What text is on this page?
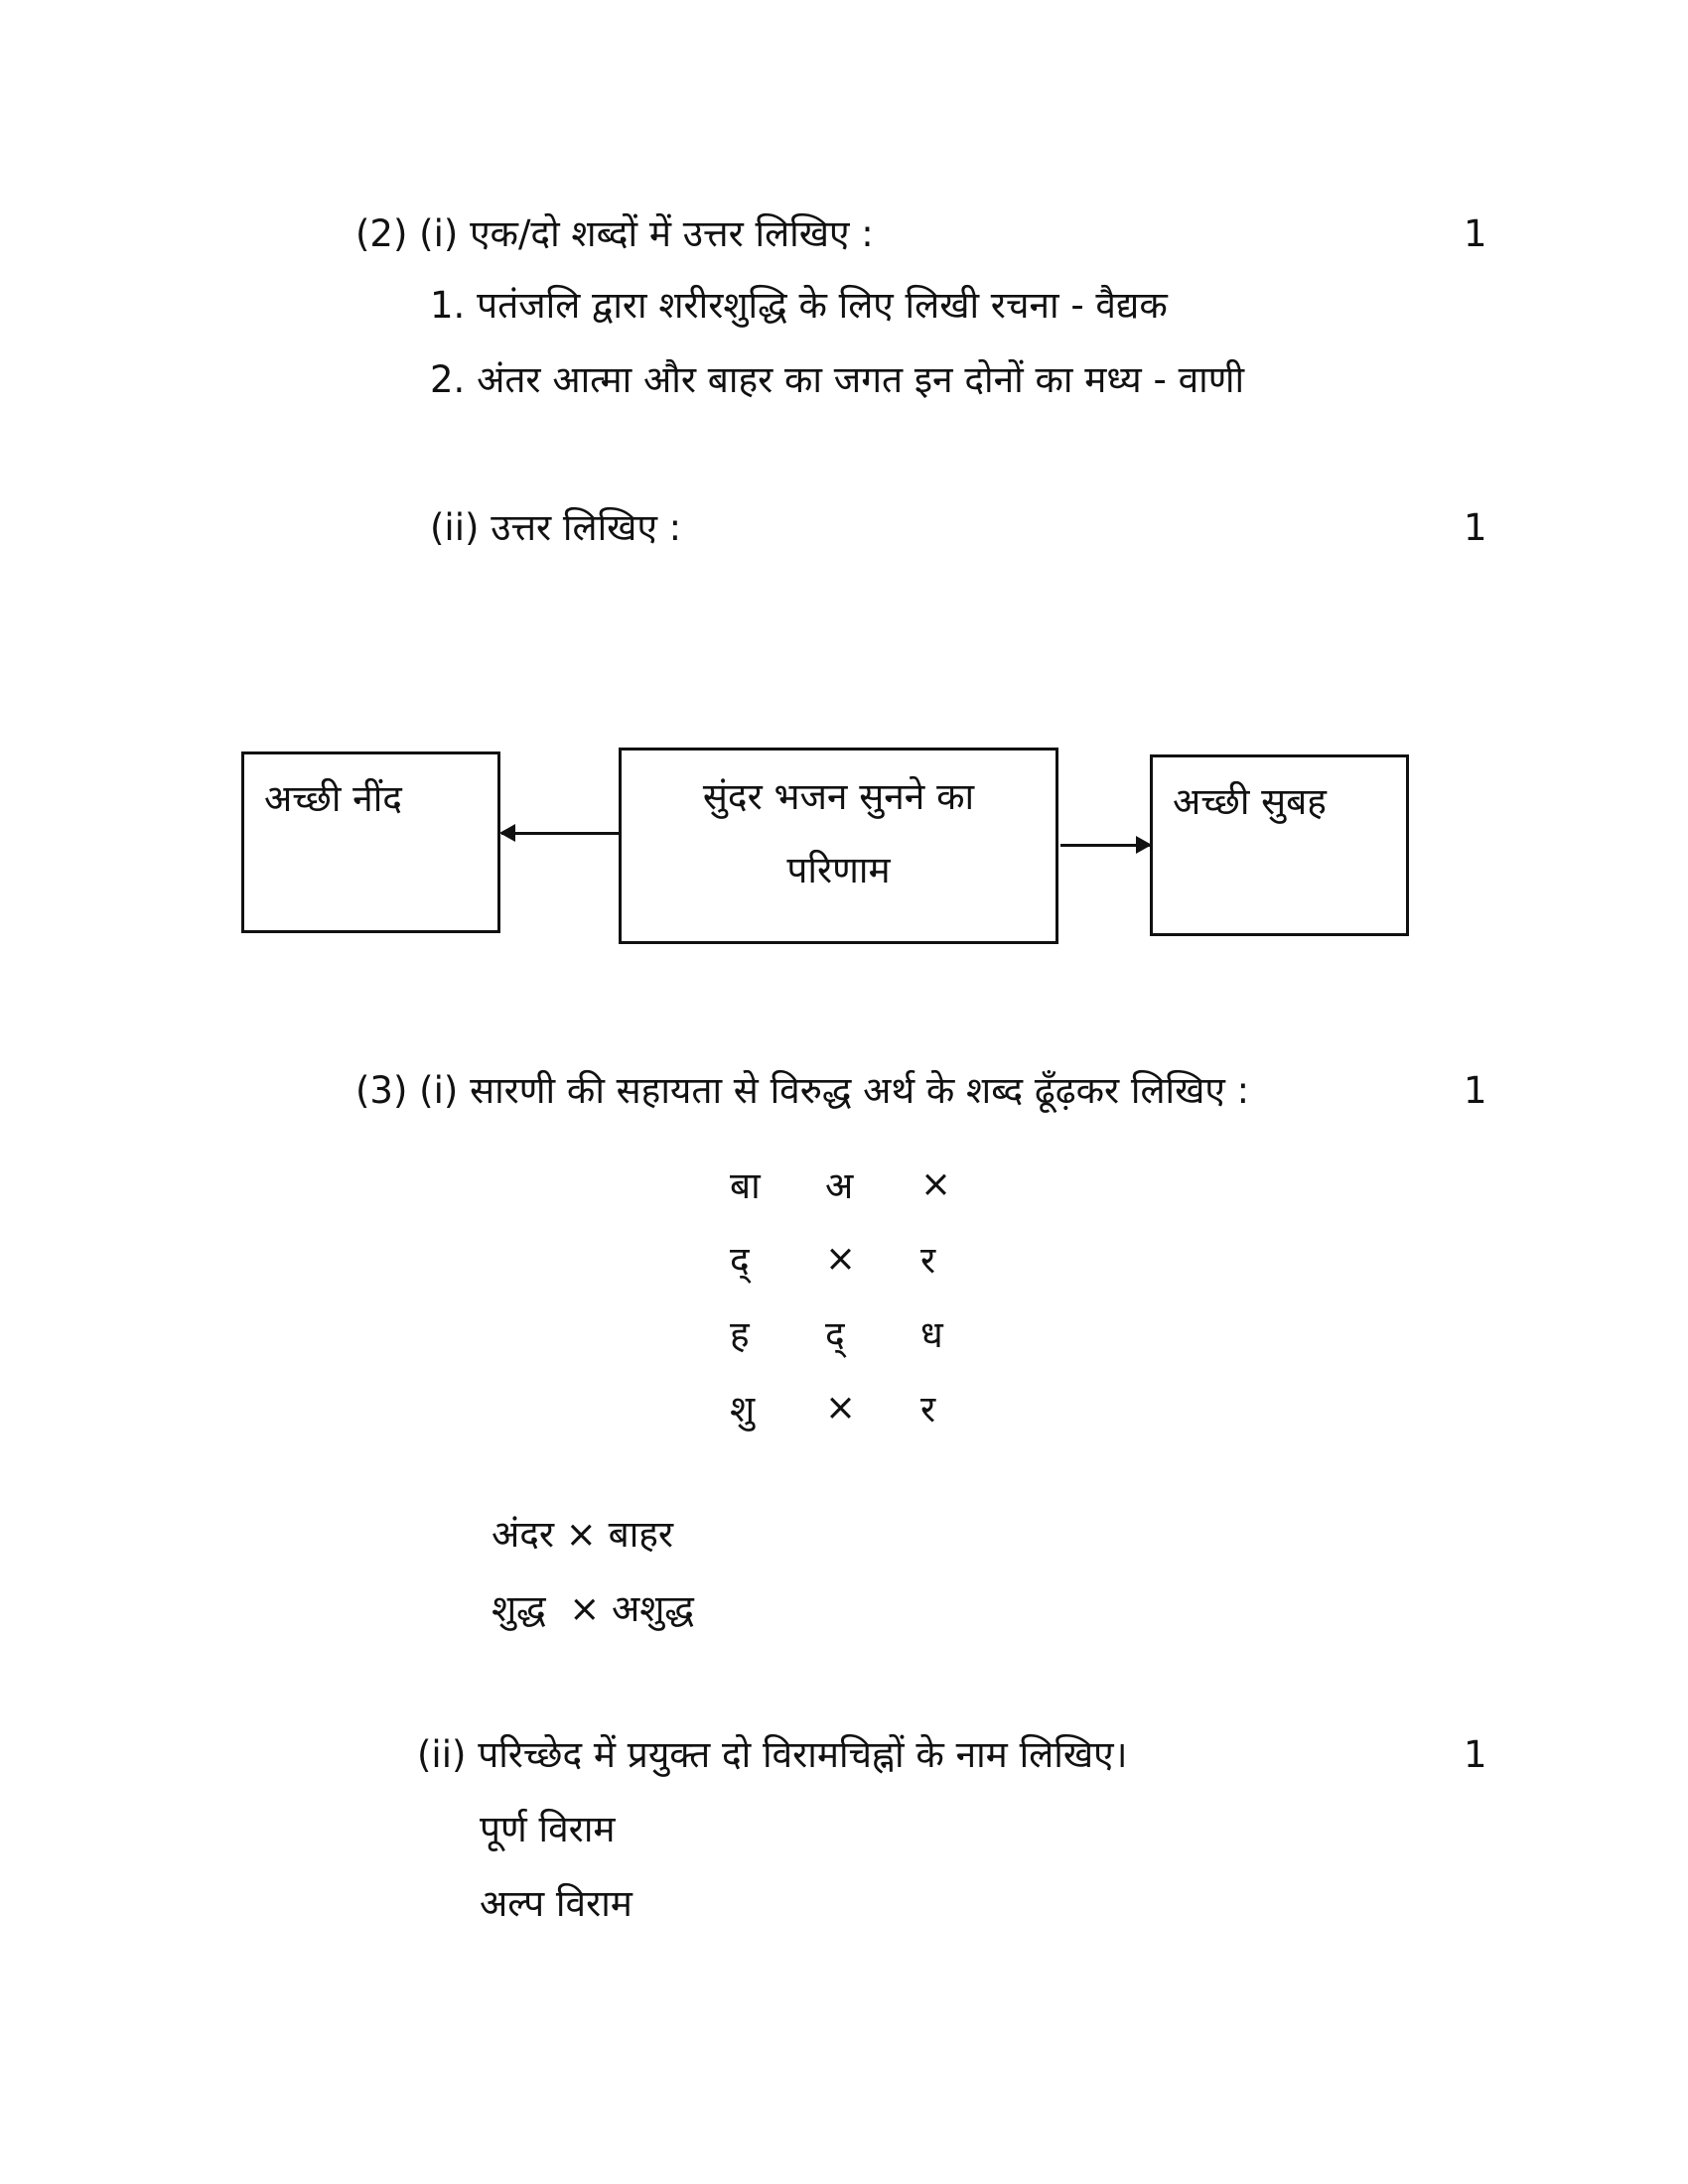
(2) (i) एक/दो शब्दों में उत्तर लिखिए :	1
1. पतंजलि द्वारा शरीरशुद्धि के लिए लिखी रचना - वैद्यक
2. अंतर आत्मा और बाहर का जगत इन दोनों का मध्य - वाणी
(ii) उत्तर लिखिए :	1
अच्छी नींद	सुंदर भजन सुनने का
परिणाम
अच्छी सुबह
(3) (i) सारणी की सहायता से विरुद्ध अर्थ के शब्द ढूँढ़कर लिखिए :	1
बा	अ	×
द्	×	र
ह	द्	ध
शु	×	र
अंदर × बाहर
शुद्ध  × अशुद्ध
(ii) परिच्छेद में प्रयुक्त दो विरामचिह्नों के नाम लिखिए।	1
पूर्ण विराम
अल्प विराम
